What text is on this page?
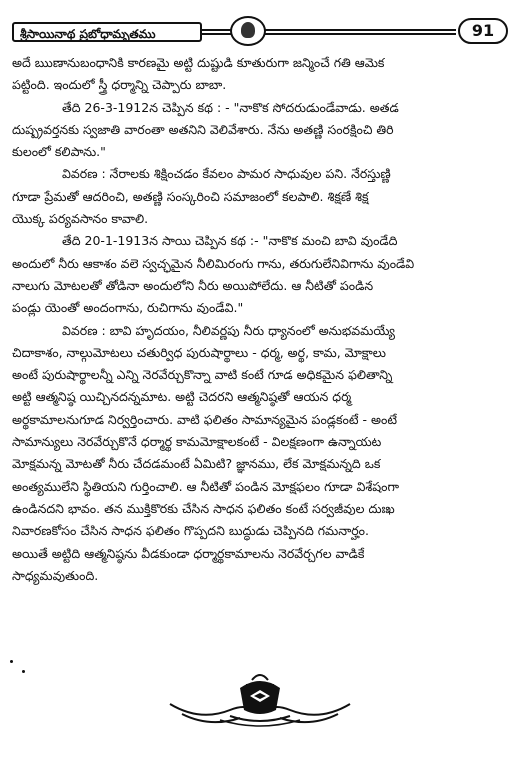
శ్రీసాయినాథ ప్రబోధామృతము	91
అదే ఋణానుబంధానికి కారణమై అట్టి దుష్టుడి కూతురుగా జన్మించే గతి ఆమెక
పట్టింది. ఇందులో స్త్రీ ధర్మాన్ని చెప్పారు బాబా.
తేది 26-3-1912న చెప్పిన కథ : - "నాకొక సోదరుడుండేవాడు. అతడ
దుష్ప్రవర్తనకు స్వజాతి వారంతా అతనిని వెలివేశారు. నేను అతణ్ణి సంరక్షించి తిరి
కులంలో కలిపాను."
వివరణ : నేరాలకు శిక్షించడం కేవలం పామర సాధువుల పని. నేరస్తుణ్ణి
గూడా ప్రేమతో ఆదరించి, అతణ్ణి సంస్కరించి సమాజంలో కలపాలి. శిక్షణే శిక్ష
యొక్క పర్యవసానం కావాలి.
తేది 20-1-1913న సాయి చెప్పిన కథ :- "నాకొక మంచి బావి వుండేది
అందులో నీరు ఆకాశం వలె స్వచ్ఛమైన నీలిమిరంగు గాను, తరుగులేనివిగాను వుండేవి
నాలుగు మోటలతో తోడినా అందులోని నీరు అయిపోలేదు. ఆ నీటితో పండిన
పండ్లు యెంతో అందంగాను, రుచిగాను వుండేవి."
వివరణ : బావి హృదయం, నీలివర్ణపు నీరు ధ్యానంలో అనుభవమయ్యే
చిదాకాశం, నాల్గుమోటలు చతుర్విధ పురుషార్థాలు - ధర్మ, అర్థ, కామ, మోక్షాలు
అంటే పురుషార్థాలన్నీ ఎన్ని నెరవేర్చుకొన్నా వాటి కంటే గూడ అధికమైన ఫలితాన్ని
అట్టి ఆత్మనిష్ఠ యిచ్చినదన్నమాట. అట్టి చెదరని ఆత్మనిష్ఠతో ఆయన ధర్మ
అర్థకామాలనుగూడ నిర్వర్తించారు. వాటి ఫలితం సామాన్యమైన పండ్లకంటే - అంటే
సామాన్యులు నెరవేర్చుకొనే ధర్మార్థ కామమోక్షాలకంటే - విలక్షణంగా ఉన్నాయట
మోక్షమన్న మోటతో నీరు చేదడమంటే ఏమిటి? జ్ఞానము, లేక మోక్షమన్నది ఒక
అంత్యములేని స్థితియని గుర్తించాలి. ఆ నీటితో పండిన మోక్షఫలం గూడా విశేషంగా
ఉండినదని భావం. తన ముక్తికొరకు చేసిన సాధన ఫలితం కంటే సర్వజీవుల దుఃఖ
నివారణకోసం చేసిన సాధన ఫలితం గొప్పదని బుద్ధుడు చెప్పినది గమనార్హం.
అయితే అట్టిది ఆత్మనిష్ఠను వీడకుండా ధర్మార్థకామాలను నెరవేర్చగల వాడికే
సాధ్యమవుతుంది.
